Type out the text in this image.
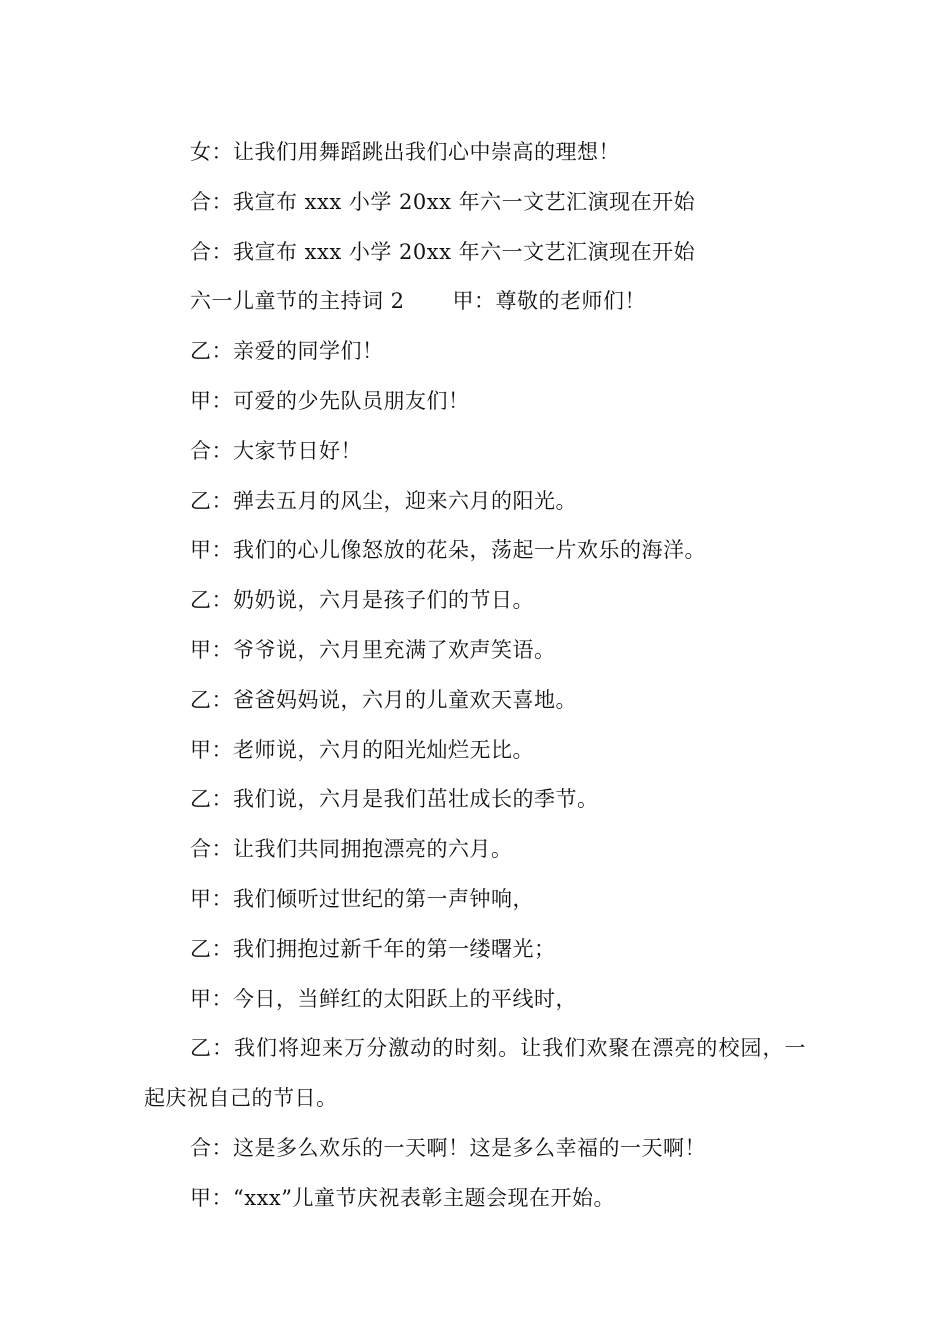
女：让我们用舞蹈跳出我们心中崇高的理想！

合：我宣布 xxx 小学 20xx 年六一文艺汇演现在开始

合：我宣布 xxx 小学 20xx 年六一文艺汇演现在开始

六一儿童节的主持词 2 甲：尊敬的老师们！

乙：亲爱的同学们！

甲：可爱的少先队员朋友们！

合：大家节日好！

乙：弹去五月的风尘，迎来六月的阳光。

甲：我们的心儿像怒放的花朵，荡起一片欢乐的海洋。

乙：奶奶说，六月是孩子们的节日。

甲：爷爷说，六月里充满了欢声笑语。

乙：爸爸妈妈说，六月的儿童欢天喜地。

甲：老师说，六月的阳光灿烂无比。

乙：我们说，六月是我们茁壮成长的季节。

合：让我们共同拥抱漂亮的六月。

甲：我们倾听过世纪的第一声钟响，

乙：我们拥抱过新千年的第一缕曙光；

甲：今日，当鲜红的太阳跃上的平线时，

乙：我们将迎来万分激动的时刻。让我们欢聚在漂亮的校园，一起庆祝自己的节日。

合：这是多么欢乐的一天啊！这是多么幸福的一天啊！

甲：“xxx”儿童节庆祝表彰主题会现在开始。
